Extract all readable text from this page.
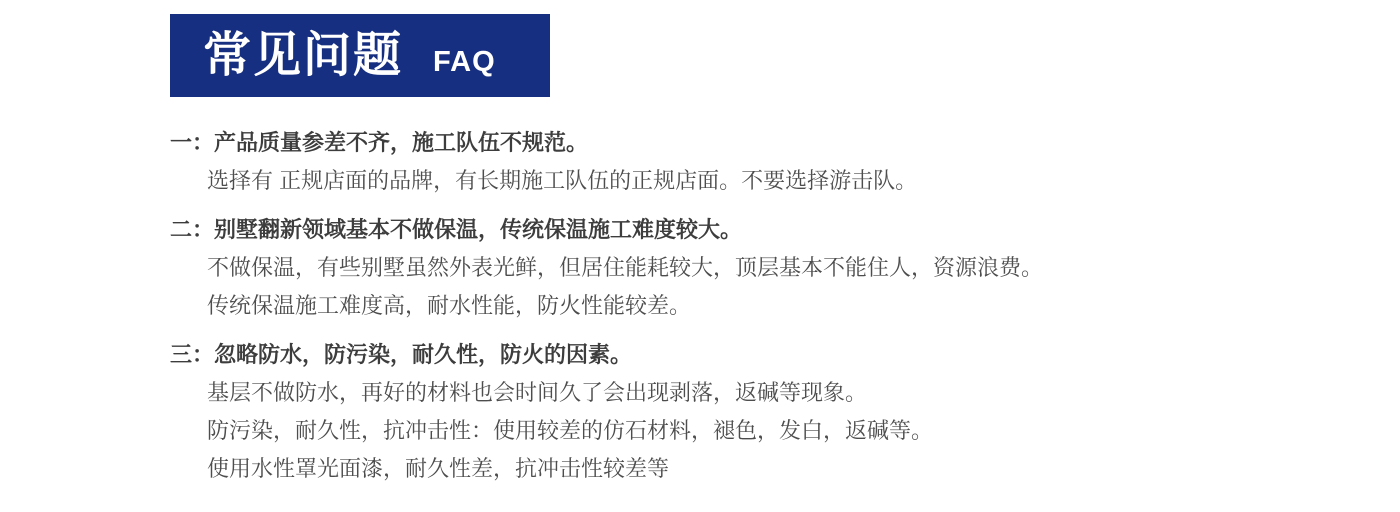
常见问题 FAQ
一：产品质量参差不齐，施工队伍不规范。
选择有 正规店面的品牌，有长期施工队伍的正规店面。不要选择游击队。
二：别墅翻新领域基本不做保温，传统保温施工难度较大。
不做保温，有些别墅虽然外表光鲜，但居住能耗较大，顶层基本不能住人，资源浪费。
传统保温施工难度高，耐水性能，防火性能较差。
三：忽略防水，防污染，耐久性，防火的因素。
基层不做防水，再好的材料也会时间久了会出现剥落，返碱等现象。
防污染，耐久性，抗冲击性：使用较差的仿石材料，褪色，发白，返碱等。
使用水性罩光面漆，耐久性差，抗冲击性较差等
